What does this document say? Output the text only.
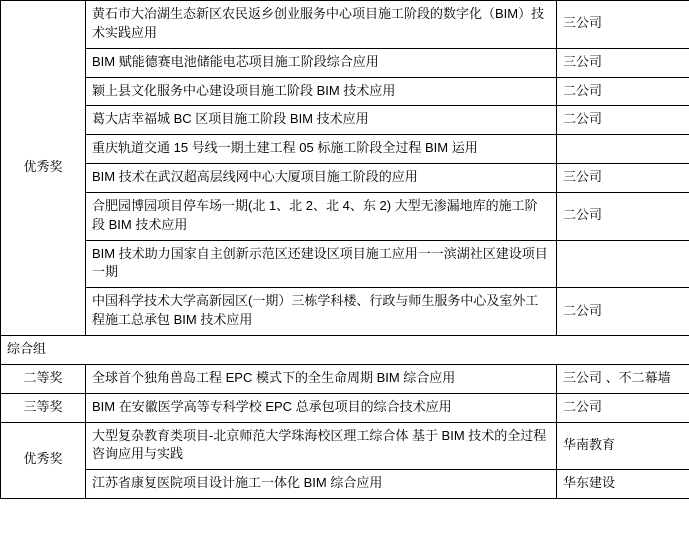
优秀奖	黄石市大冶湖生态新区农民返乡创业服务中心项目施工阶段的数字化（BIM）技术实践应用	三公司
	BIM 赋能德赛电池储能电芯项目施工阶段综合应用	三公司
	颖上县文化服务中心建设项目施工阶段 BIM 技术应用	二公司
	葛大店幸福城 BC 区项目施工阶段 BIM 技术应用	二公司
	重庆轨道交通 15 号线一期土建工程 05 标施工阶段全过程 BIM 运用	
	BIM 技术在武汉超高层线网中心大厦项目施工阶段的应用	三公司
	合肥园博园项目停车场一期(北 1、北 2、北 4、东 2) 大型无渗漏地库的施工阶段 BIM 技术应用	二公司
	BIM 技术助力国家自主创新示范区还建设区项目施工应用一一滨湖社区建设项目一期	
	中国科学技术大学高新园区(一期）三栋学科楼、行政与师生服务中心及室外工程施工总承包 BIM 技术应用	二公司
综合组		
二等奖	全球首个独角兽岛工程 EPC 模式下的全生命周期 BIM 综合应用	三公司 、不二幕墙
三等奖	BIM 在安徽医学高等专科学校 EPC 总承包项目的综合技术应用	二公司
优秀奖	大型复杂教育类项目-北京师范大学珠海校区理工综合体 基于 BIM 技术的全过程咨询应用与实践	华南教育
	江苏省康复医院项目设计施工一体化 BIM 综合应用	华东建设
